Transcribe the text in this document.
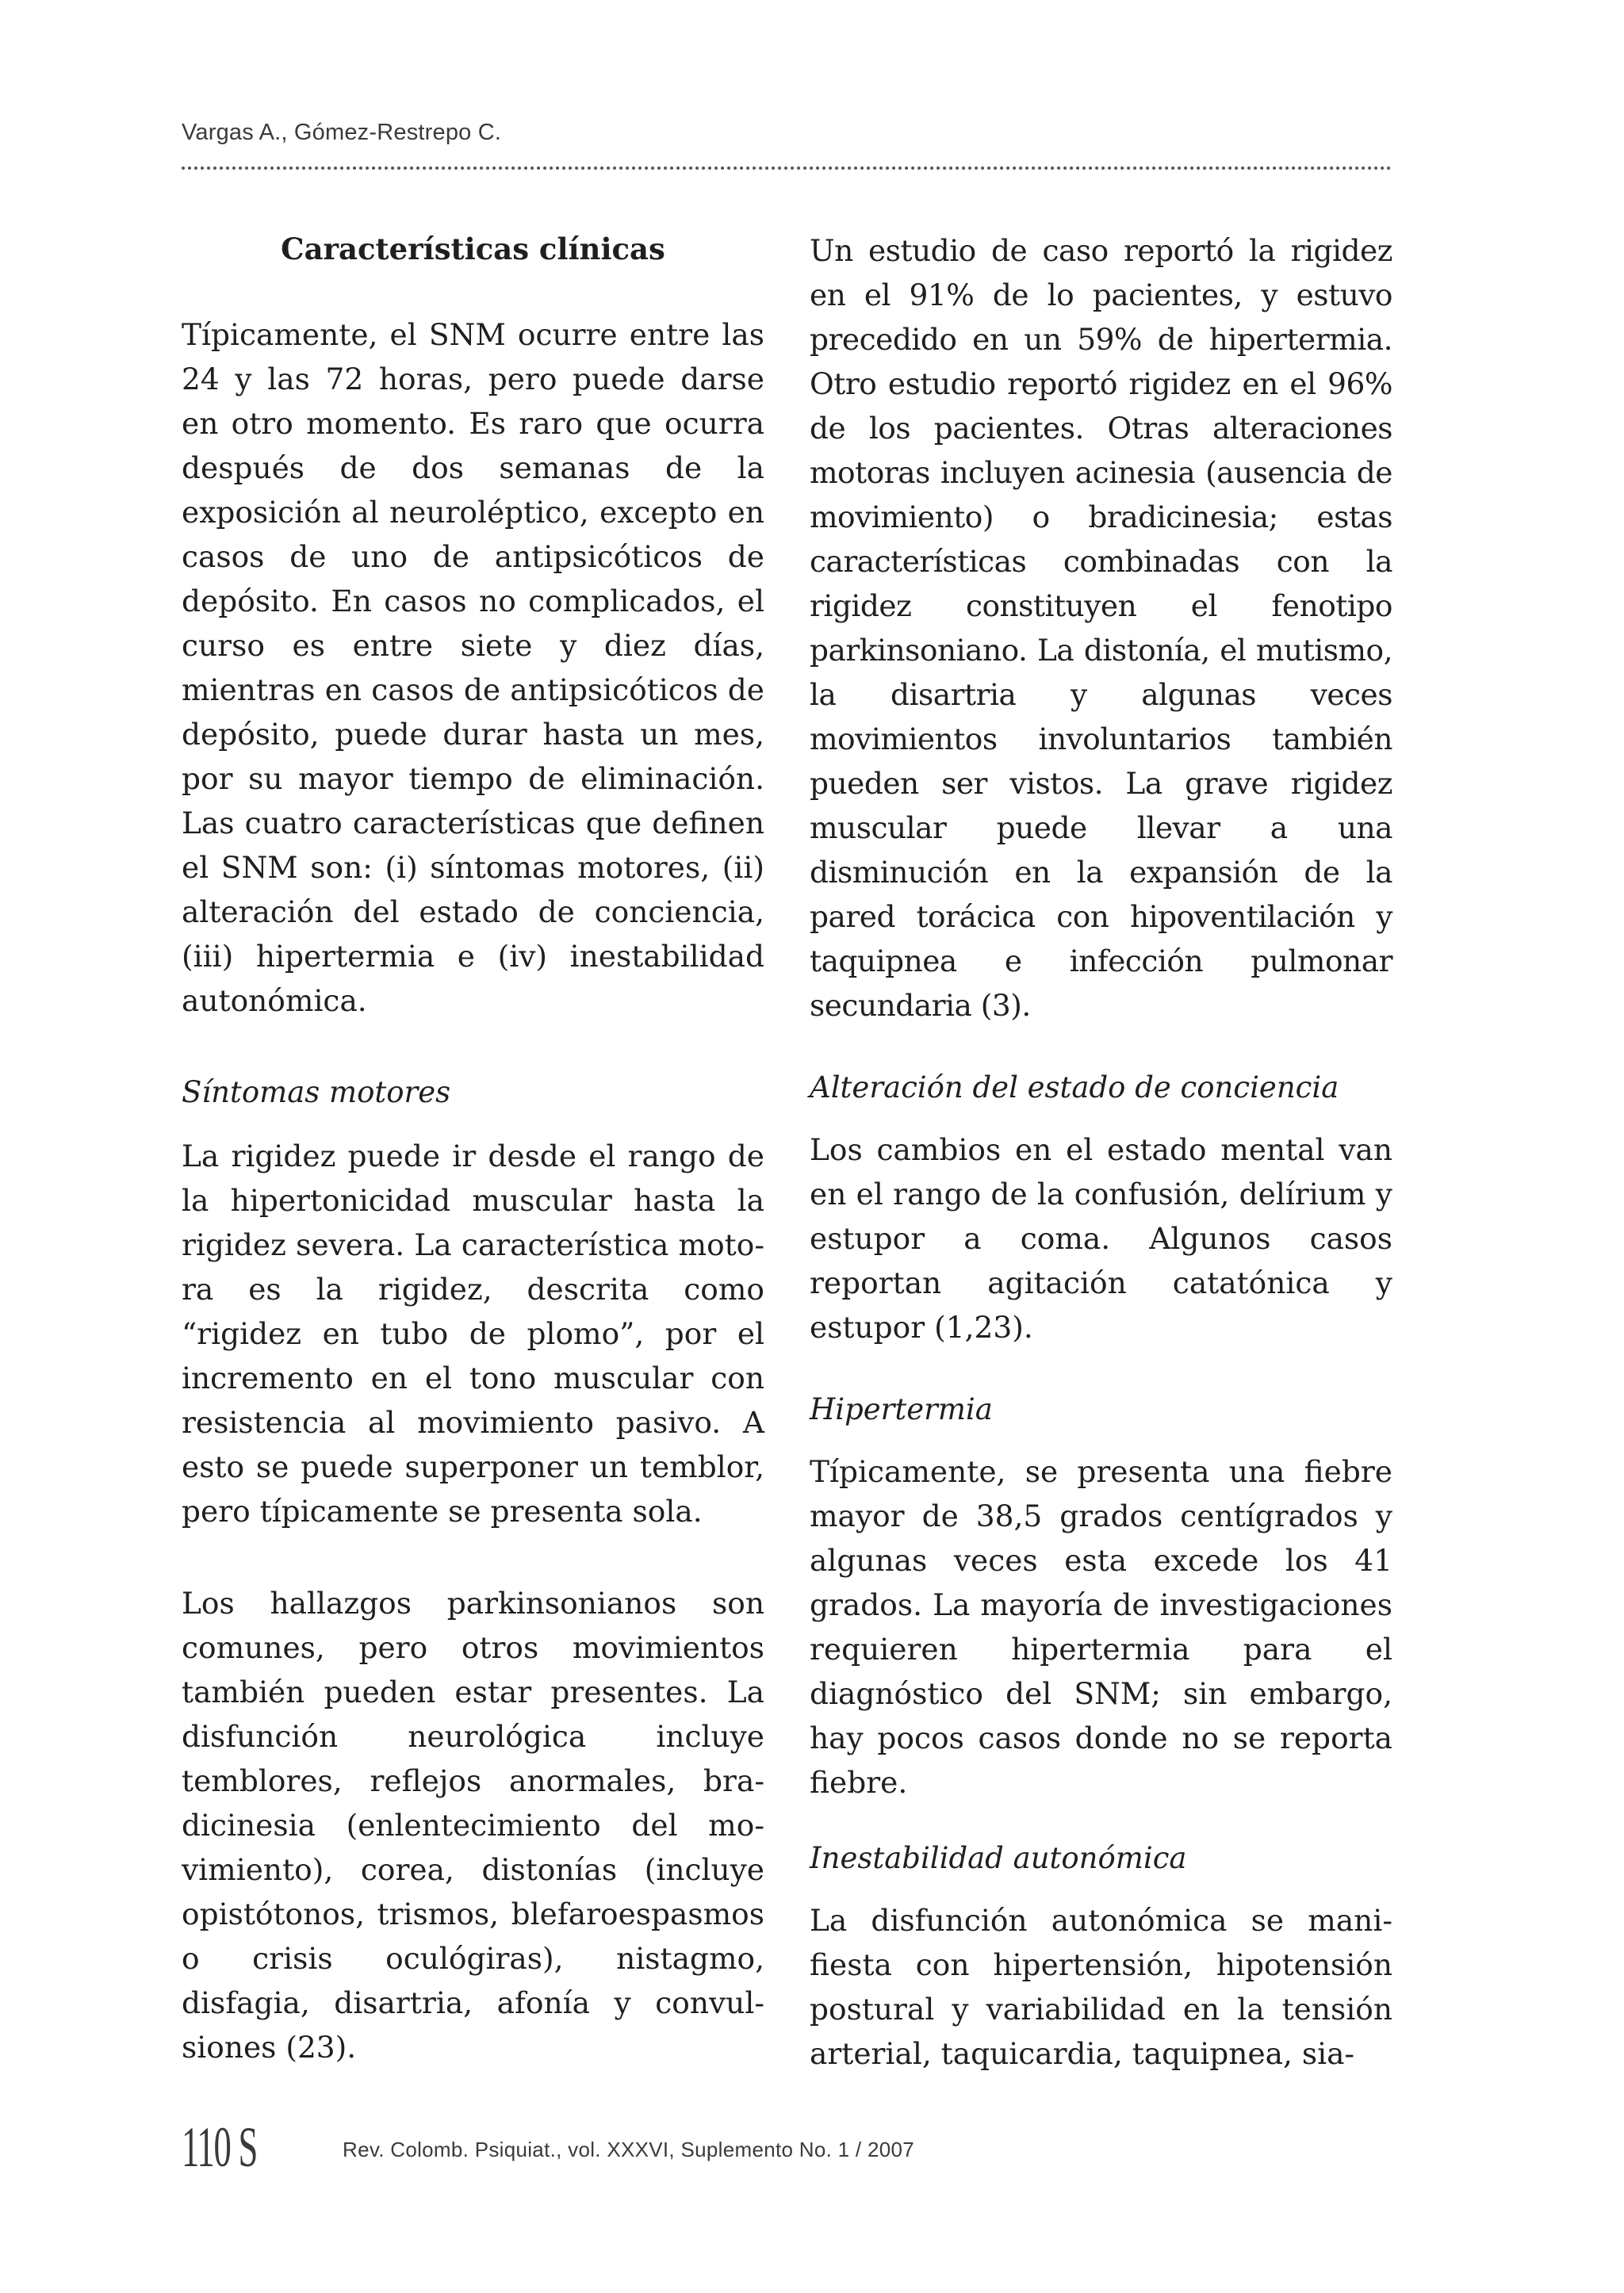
Vargas A., Gómez-Restrepo C.
Características clínicas

Típicamente, el SNM ocurre entre las 24 y las 72 horas, pero puede darse en otro momento. Es raro que ocurra después de dos semanas de la exposición al neuroléptico, excepto en casos de uno de antipsicóticos de depósito. En casos no complicados, el curso es entre siete y diez días, mientras en casos de antipsicóticos de depósito, puede durar hasta un mes, por su mayor tiempo de eliminación. Las cuatro características que definen el SNM son: (i) síntomas motores, (ii) alteración del estado de conciencia, (iii) hipertermia e (iv) inestabilidad autonómica.

Síntomas motores

La rigidez puede ir desde el rango de la hipertonicidad muscular hasta la rigidez severa. La característica motora es la rigidez, descrita como “rigidez en tubo de plomo”, por el incremento en el tono muscular con resistencia al movimiento pasivo. A esto se puede superponer un temblor, pero típicamente se presenta sola.

Los hallazgos parkinsonianos son comunes, pero otros movimientos también pueden estar presentes. La disfunción neurológica incluye temblores, reflejos anormales, bradicinesia (enlentecimiento del movimiento), corea, distonías (incluye opistótonos, trismos, blefaroespasmos o crisis oculógiras), nistagmo, disfagia, disartria, afonía y convulsiones (23).

Un estudio de caso reportó la rigidez en el 91% de lo pacientes, y estuvo precedido en un 59% de hipertermia. Otro estudio reportó rigidez en el 96% de los pacientes. Otras alteraciones motoras incluyen acinesia (ausencia de movimiento) o bradicinesia; estas características combinadas con la rigidez constituyen el fenotipo parkinsoniano. La distonía, el mutismo, la disartria y algunas veces movimientos involuntarios también pueden ser vistos. La grave rigidez muscular puede llevar a una disminución en la expansión de la pared torácica con hipoventilación y taquipnea e infección pulmonar secundaria (3).

Alteración del estado de conciencia

Los cambios en el estado mental van en el rango de la confusión, delírium y estupor a coma. Algunos casos reportan agitación catatónica y estupor (1,23).

Hipertermia

Típicamente, se presenta una fiebre mayor de 38,5 grados centígrados y algunas veces esta excede los 41 grados. La mayoría de investigaciones requieren hipertermia para el diagnóstico del SNM; sin embargo, hay pocos casos donde no se reporta fiebre.

Inestabilidad autonómica

La disfunción autonómica se manifiesta con hipertensión, hipotensión postural y variabilidad en la tensión arterial, taquicardia, taquipnea, sia-

110 S	Rev. Colomb. Psiquiat., vol. XXXVI, Suplemento No. 1 / 2007
